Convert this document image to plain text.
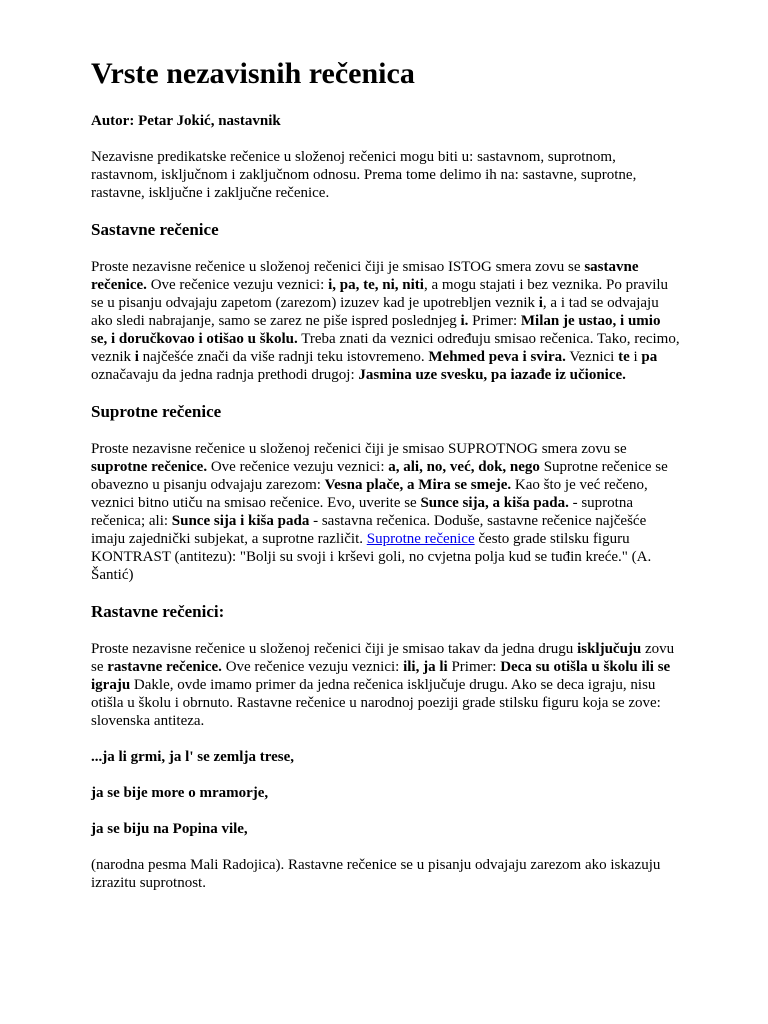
Vrste nezavisnih rečenica

Autor: Petar Jokić, nastavnik

Nezavisne predikatske rečenice u složenoj rečenici mogu biti u: sastavnom, suprotnom, rastavnom, isključnom i zaključnom odnosu. Prema tome delimo ih na: sastavne, suprotne, rastavne, isključne i zaključne rečenice.

Sastavne rečenice

Proste nezavisne rečenice u složenoj rečenici čiji je smisao ISTOG smera zovu se sastavne rečenice. Ove rečenice vezuju veznici: i, pa, te, ni, niti, a mogu stajati i bez veznika. Po pravilu se u pisanju odvajaju zapetom (zarezom) izuzev kad je upotrebljen veznik i, a i tad se odvajaju ako sledi nabrajanje, samo se zarez ne piše ispred poslednjeg i. Primer: Milan je ustao, i umio se, i doručkovao i otišao u školu. Treba znati da veznici određuju smisao rečenica. Tako, recimo, veznik i najčešće znači da više radnji teku istovremeno. Mehmed peva i svira. Veznici te i pa označavaju da jedna radnja prethodi drugoj: Jasmina uze svesku, pa iazađe iz učionice.

Suprotne rečenice

Proste nezavisne rečenice u složenoj rečenici čiji je smisao SUPROTNOG smera zovu se suprotne rečenice. Ove rečenice vezuju veznici: a, ali, no, već, dok, nego Suprotne rečenice se obavezno u pisanju odvajaju zarezom: Vesna plače, a Mira se smeje. Kao što je već rečeno, veznici bitno utiču na smisao rečenice. Evo, uverite se Sunce sija, a kiša pada. - suprotna rečenica; ali: Sunce sija i kiša pada - sastavna rečenica. Doduše, sastavne rečenice najčešće imaju zajednički subjekat, a suprotne različit. Suprotne rečenice često grade stilsku figuru KONTRAST (antitezu): "Bolji su svoji i krševi goli, no cvjetna polja kud se tuđin kreće." (A. Šantić)

Rastavne rečenici:

Proste nezavisne rečenice u složenoj rečenici čiji je smisao takav da jedna drugu isključuju zovu se rastavne rečenice. Ove rečenice vezuju veznici: ili, ja li Primer: Deca su otišla u školu ili se igraju Dakle, ovde imamo primer da jedna rečenica isključuje drugu. Ako se deca igraju, nisu otišla u školu i obrnuto. Rastavne rečenice u narodnoj poeziji grade stilsku figuru koja se zove: slovenska antiteza.

...ja li grmi, ja l' se zemlja trese,

ja se bije more o mramorje,

ja se biju na Popina vile,

(narodna pesma Mali Radojica). Rastavne rečenice se u pisanju odvajaju zarezom ako iskazuju izrazitu suprotnost.
